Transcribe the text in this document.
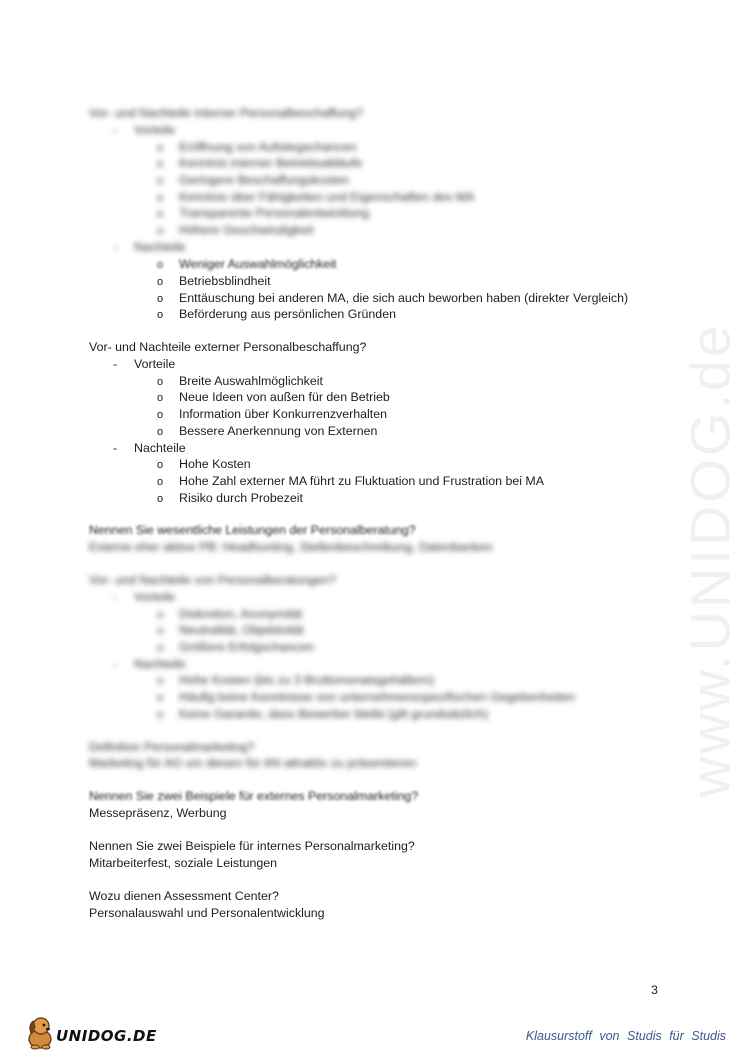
www.UNIDOG.de
Vor- und Nachteile interner Personalbeschaffung?
- Vorteile
o Eröffnung von Aufstiegschancen
o Kenntnis interner Betriebsabläufe
o Geringere Beschaffungskosten
o Kenntnis über Fähigkeiten und Eigenschaften des MA
o Transparente Personalentwicklung
o Höhere Geschwindigkeit
- Nachteile
o Weniger Auswahlmöglichkeit
o Betriebsblindheit
o Enttäuschung bei anderen MA, die sich auch beworben haben (direkter Vergleich)
o Beförderung aus persönlichen Gründen
Vor- und Nachteile externer Personalbeschaffung?
- Vorteile
o Breite Auswahlmöglichkeit
o Neue Ideen von außen für den Betrieb
o Information über Konkurrenzverhalten
o Bessere Anerkennung von Externen
- Nachteile
o Hohe Kosten
o Hohe Zahl externer MA führt zu Fluktuation und Frustration bei MA
o Risiko durch Probezeit
Nennen Sie wesentliche Leistungen der Personalberatung?
Externe eher aktive PB: Headhunting, Stellenbeschreibung, Datenbanken
Vor- und Nachteile von Personalberatungen?
- Vorteile
o Diskretion, Anonymität
o Neutralität, Objektivität
o Größere Erfolgschancen
- Nachteile
o Hohe Kosten (bis zu 3 Bruttomonatsgehältern)
o Häufig keine Kenntnisse von unternehmensspezifischen Gegebenheiten
o Keine Garantie, dass Bewerber bleibt (gilt grundsätzlich)
Definition Personalmarketing?
Marketing für AG um diesen für AN attraktiv zu präsentieren
Nennen Sie zwei Beispiele für externes Personalmarketing?
Messepräsenz, Werbung
Nennen Sie zwei Beispiele für internes Personalmarketing?
Mitarbeiterfest, soziale Leistungen
Wozu dienen Assessment Center?
Personalauswahl und Personalentwicklung
3
UNIDOG.DE	Klausurstoff von Studis für Studis
